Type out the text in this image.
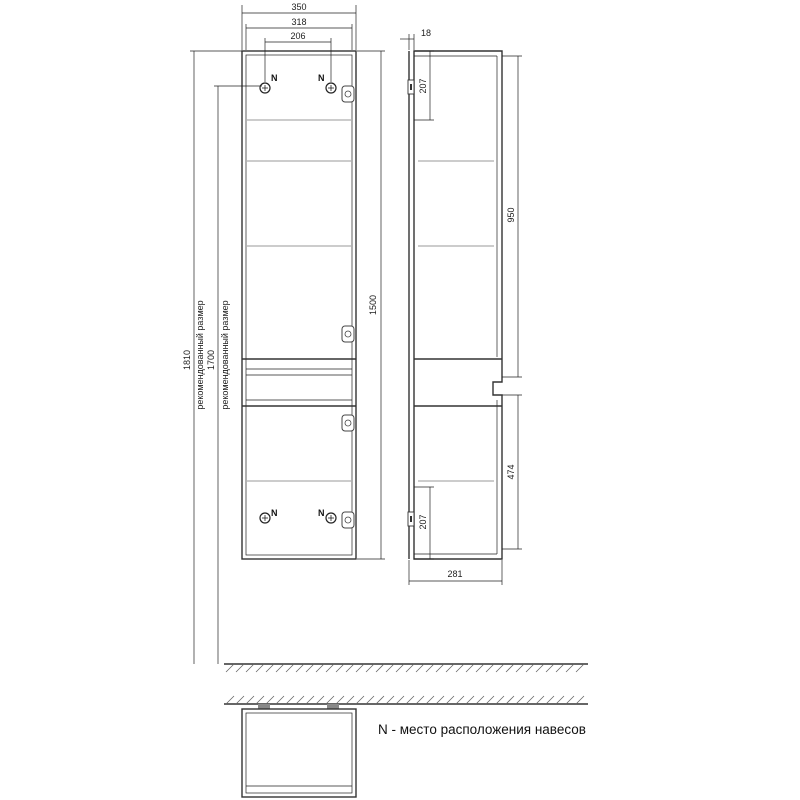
N	N
N	N
350
318
206
1500
1810 рекомендованный размер 1700 рекомендованный размер
18
207
207
950
474
281
N - место расположения навесов
